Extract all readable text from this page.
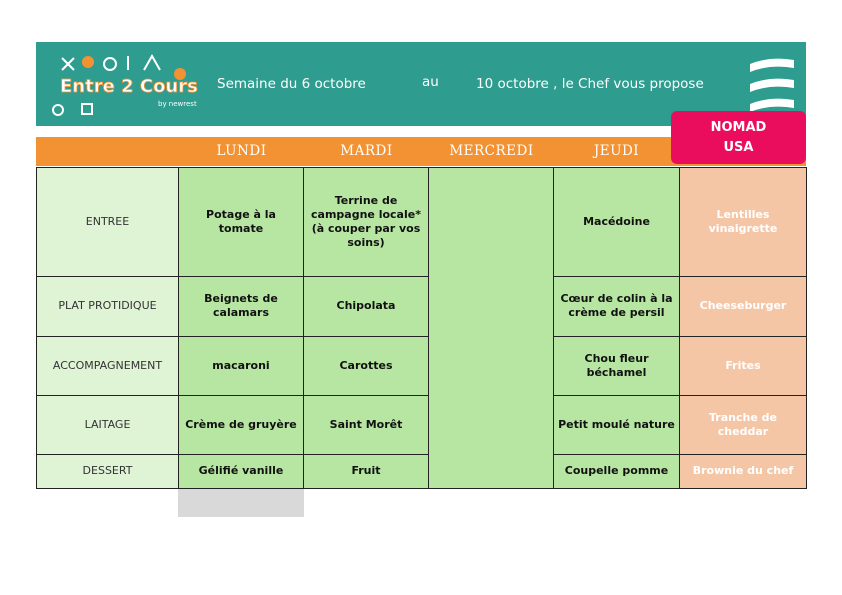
Entre 2 Cours
by newrest
Semaine du 6 octobre	au	10 octobre , le Chef vous propose
LUNDI	MARDI	MERCREDI	JEUDI
NOMAD
USA
ENTREE	Potage à la tomate	Terrine de campagne locale* (à couper par vos soins)		Macédoine	Lentilles vinaigrette
PLAT PROTIDIQUE	Beignets de calamars	Chipolata		Cœur de colin à la crème de persil	Cheeseburger
ACCOMPAGNEMENT	macaroni	Carottes		Chou fleur béchamel	Frites
LAITAGE	Crème de gruyère	Saint Morêt		Petit moulé nature	Tranche de cheddar
DESSERT	Gélifié vanille	Fruit		Coupelle pomme	Brownie du chef
